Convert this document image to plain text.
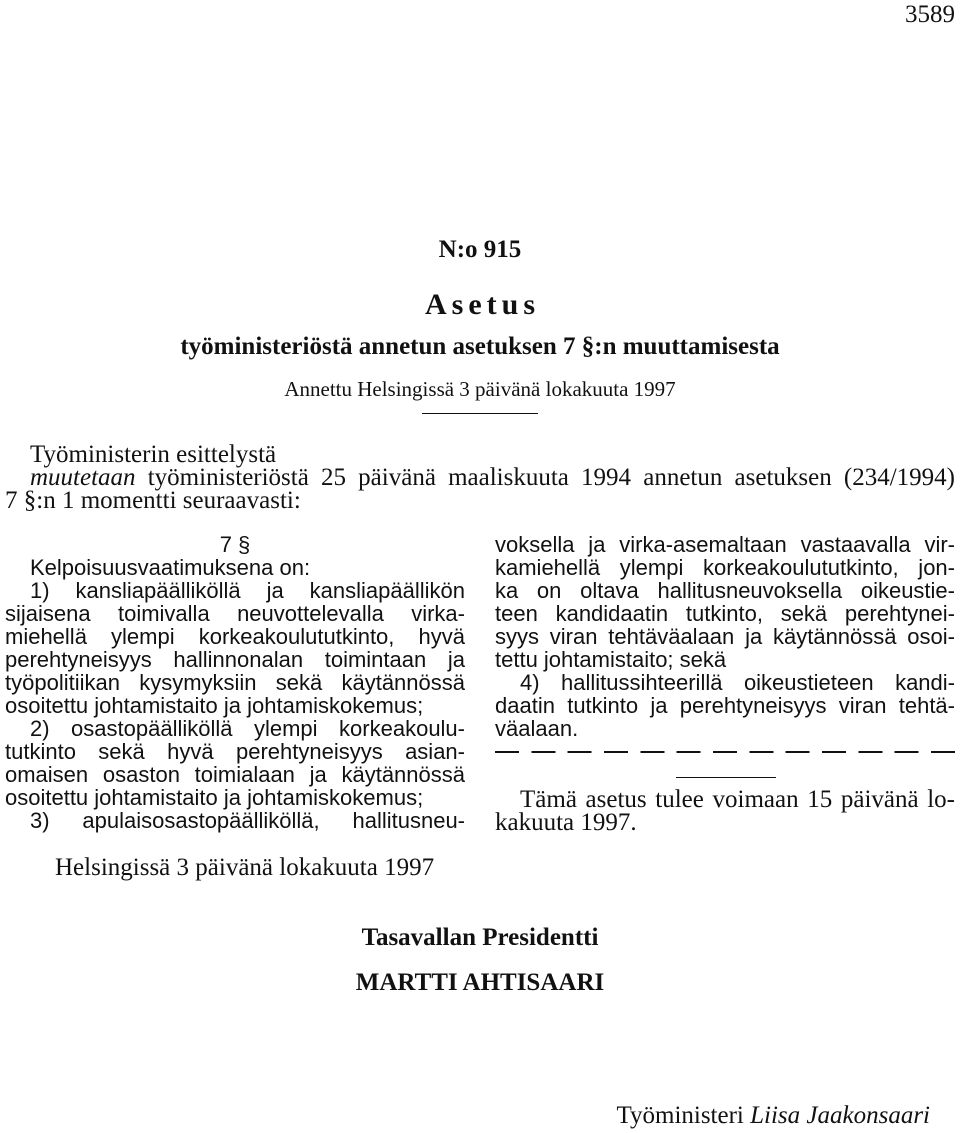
3589
N:o 915
Asetus
työministeriöstä annetun asetuksen 7 §:n muuttamisesta
Annettu Helsingissä 3 päivänä lokakuuta 1997
Työministerin esittelystä
muutetaan työministeriöstä 25 päivänä maaliskuuta 1994 annetun asetuksen (234/1994)
7 §:n 1 momentti seuraavasti:
7 §
Kelpoisuusvaatimuksena on:
1) kansliapäälliköllä ja kansliapäällikön
sijaisena toimivalla neuvottelevalla virka-
miehellä ylempi korkeakoulututkinto, hyvä
perehtyneisyys hallinnonalan toimintaan ja
työpolitiikan kysymyksiin sekä käytännössä
osoitettu johtamistaito ja johtamiskokemus;
2) osastopäälliköllä ylempi korkeakoulu-
tutkinto sekä hyvä perehtyneisyys asian-
omaisen osaston toimialaan ja käytännössä
osoitettu johtamistaito ja johtamiskokemus;
3) apulaisosastopäälliköllä, hallitusneu-
voksella ja virka-asemaltaan vastaavalla vir-
kamiehellä ylempi korkeakoulututkinto, jon-
ka on oltava hallitusneuvoksella oikeustie-
teen kandidaatin tutkinto, sekä perehtynei-
syys viran tehtäväalaan ja käytännössä osoi-
tettu johtamistaito; sekä
4) hallitussihteerillä oikeustieteen kandi-
daatin tutkinto ja perehtyneisyys viran tehtä-
väalaan.
Tämä asetus tulee voimaan 15 päivänä lo-
kakuuta 1997.
Helsingissä 3 päivänä lokakuuta 1997
Tasavallan Presidentti
MARTTI AHTISAARI
Työministeri Liisa Jaakonsaari
